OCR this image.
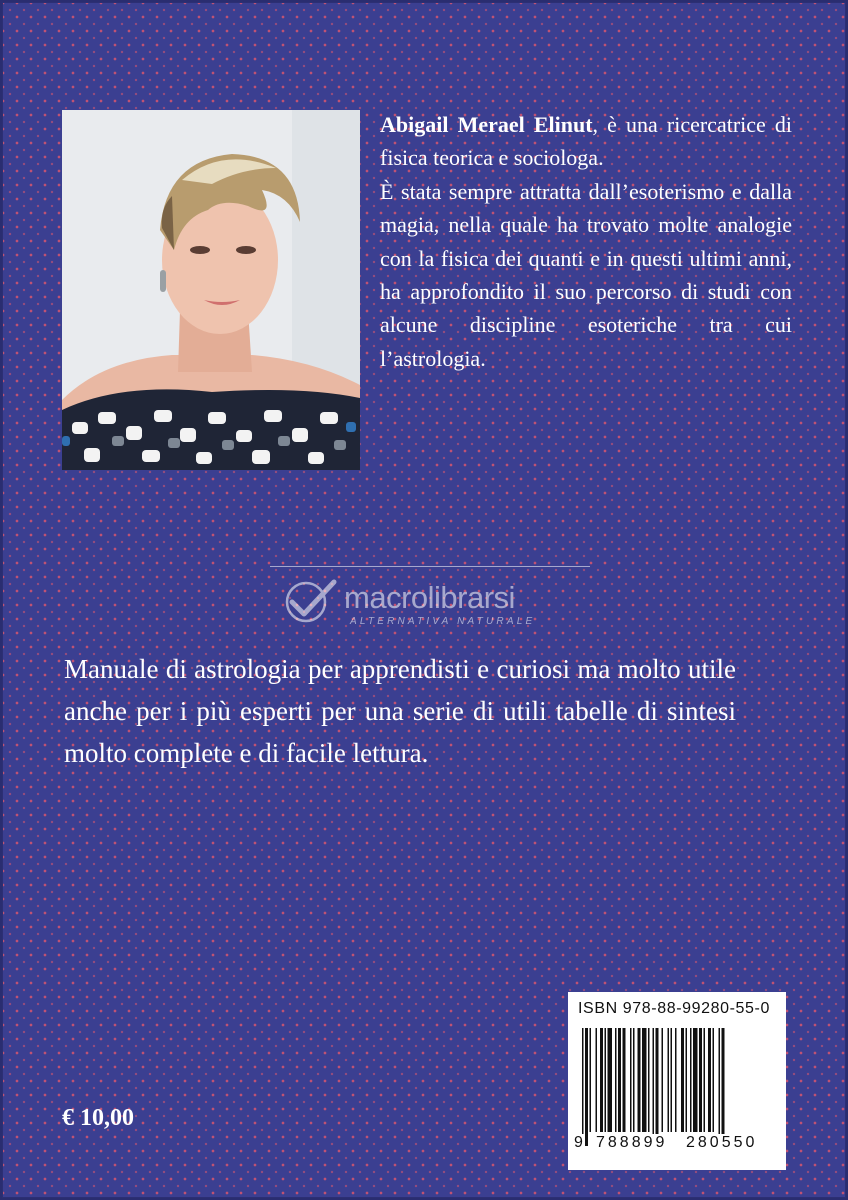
Abigail Merael Elinut, è una ricercatrice di fisica teorica e sociologa.

È stata sempre attratta dall’esoterismo e dalla magia, nella quale ha trovato molte analogie con la fisica dei quanti e in questi ultimi anni, ha approfondito il suo percorso di studi con alcune discipline esoteriche tra cui l’astrologia.

macrolibrarsi
ALTERNATIVA NATURALE
Manuale di astrologia per apprendisti e curiosi ma molto utile anche per i più esperti per una serie di utili tabelle di sintesi molto complete e di facile lettura.
€ 10,00
ISBN 978-88-99280-55-0
9 788899 280550
